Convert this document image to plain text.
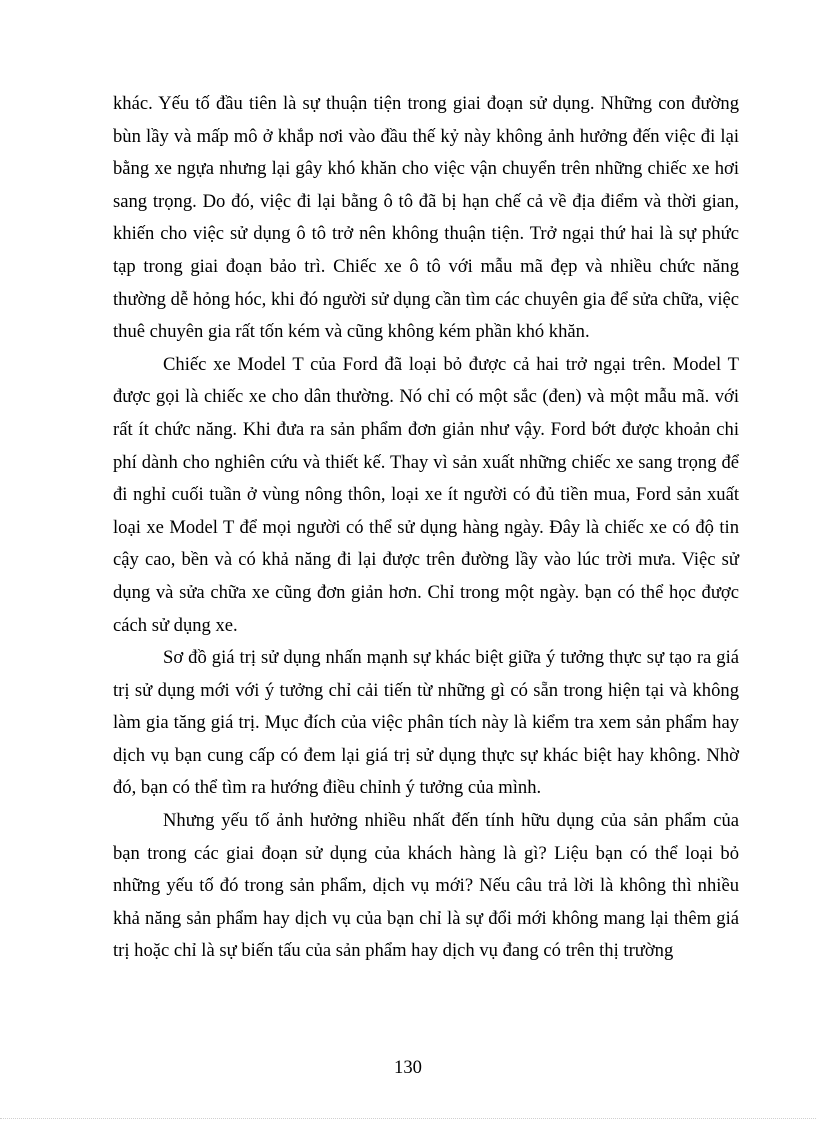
khác. Yếu tố đầu tiên là sự thuận tiện trong giai đoạn sử dụng. Những con đường bùn lầy và mấp mô ở khắp nơi vào đầu thế kỷ này không ảnh hưởng đến việc đi lại bằng xe ngựa nhưng lại gây khó khăn cho việc vận chuyển trên những chiếc xe hơi sang trọng. Do đó, việc đi lại bằng ô tô đã bị hạn chế cả về địa điểm và thời gian, khiến cho việc sử dụng ô tô trở nên không thuận tiện. Trở ngại thứ hai là sự phức tạp trong giai đoạn bảo trì. Chiếc xe ô tô với mẫu mã đẹp và nhiều chức năng thường dễ hỏng hóc, khi đó người sử dụng cần tìm các chuyên gia để sửa chữa, việc thuê chuyên gia rất tốn kém và cũng không kém phần khó khăn.

Chiếc xe Model T của Ford đã loại bỏ được cả hai trở ngại trên. Model T được gọi là chiếc xe cho dân thường. Nó chỉ có một sắc (đen) và một mẫu mã. với rất ít chức năng. Khi đưa ra sản phẩm đơn giản như vậy. Ford bớt được khoản chi phí dành cho nghiên cứu và thiết kế. Thay vì sản xuất những chiếc xe sang trọng để đi nghỉ cuối tuần ở vùng nông thôn, loại xe ít người có đủ tiền mua, Ford sản xuất loại xe Model T để mọi người có thể sử dụng hàng ngày. Đây là chiếc xe có độ tin cậy cao, bền và có khả năng đi lại được trên đường lầy vào lúc trời mưa. Việc sử dụng và sửa chữa xe cũng đơn giản hơn. Chỉ trong một ngày. bạn có thể học được cách sử dụng xe.

Sơ đồ giá trị sử dụng nhấn mạnh sự khác biệt giữa ý tưởng thực sự tạo ra giá trị sử dụng mới với ý tưởng chỉ cải tiến từ những gì có sẵn trong hiện tại và không làm gia tăng giá trị. Mục đích của việc phân tích này là kiểm tra xem sản phẩm hay dịch vụ bạn cung cấp có đem lại giá trị sử dụng thực sự khác biệt hay không. Nhờ đó, bạn có thể tìm ra hướng điều chỉnh ý tưởng của mình.

Nhưng yếu tố ảnh hưởng nhiều nhất đến tính hữu dụng của sản phẩm của bạn trong các giai đoạn sử dụng của khách hàng là gì? Liệu bạn có thể loại bỏ những yếu tố đó trong sản phẩm, dịch vụ mới? Nếu câu trả lời là không thì nhiều khả năng sản phẩm hay dịch vụ của bạn chỉ là sự đổi mới không mang lại thêm giá trị hoặc chỉ là sự biến tấu của sản phẩm hay dịch vụ đang có trên thị trường

130
